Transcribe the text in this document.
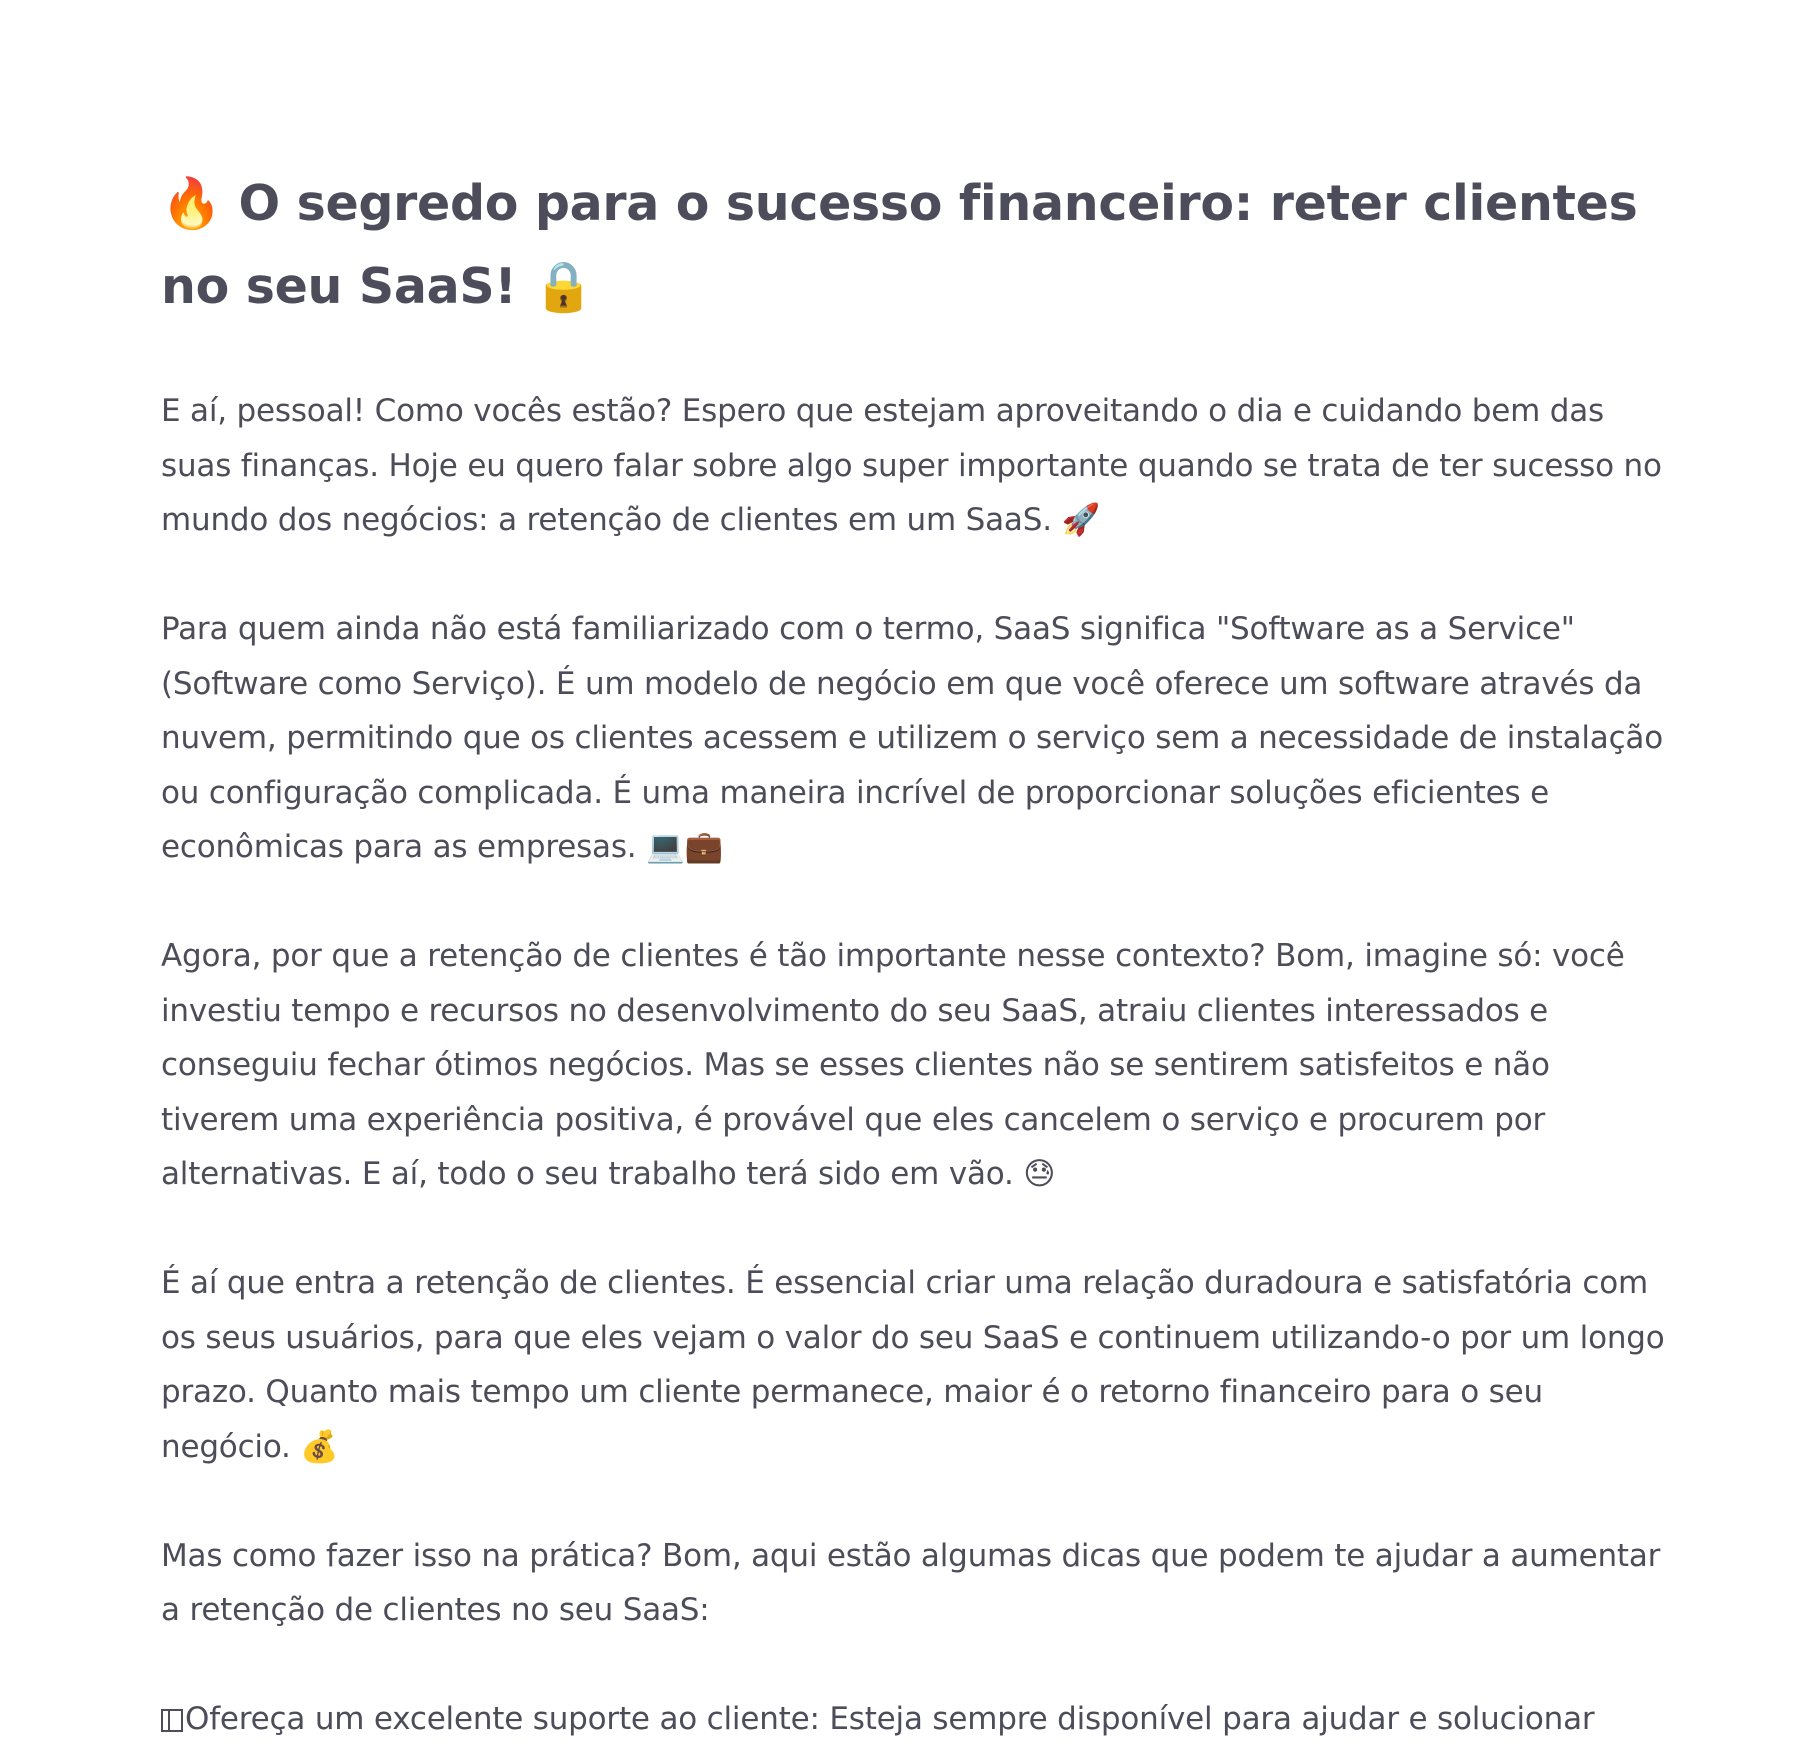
🔥 O segredo para o sucesso financeiro: reter clientes no seu SaaS! 🔒

E aí, pessoal! Como vocês estão? Espero que estejam aproveitando o dia e cuidando bem das suas finanças. Hoje eu quero falar sobre algo super importante quando se trata de ter sucesso no mundo dos negócios: a retenção de clientes em um SaaS. 🚀

Para quem ainda não está familiarizado com o termo, SaaS significa "Software as a Service" (Software como Serviço). É um modelo de negócio em que você oferece um software através da nuvem, permitindo que os clientes acessem e utilizem o serviço sem a necessidade de instalação ou configuração complicada. É uma maneira incrível de proporcionar soluções eficientes e econômicas para as empresas. 💻💼

Agora, por que a retenção de clientes é tão importante nesse contexto? Bom, imagine só: você investiu tempo e recursos no desenvolvimento do seu SaaS, atraiu clientes interessados e conseguiu fechar ótimos negócios. Mas se esses clientes não se sentirem satisfeitos e não tiverem uma experiência positiva, é provável que eles cancelem o serviço e procurem por alternativas. E aí, todo o seu trabalho terá sido em vão. 😓

É aí que entra a retenção de clientes. É essencial criar uma relação duradoura e satisfatória com os seus usuários, para que eles vejam o valor do seu SaaS e continuem utilizando-o por um longo prazo. Quanto mais tempo um cliente permanece, maior é o retorno financeiro para o seu negócio. 💰

Mas como fazer isso na prática? Bom, aqui estão algumas dicas que podem te ajudar a aumentar a retenção de clientes no seu SaaS:

Ofereça um excelente suporte ao cliente: Esteja sempre disponível para ajudar e solucionar
